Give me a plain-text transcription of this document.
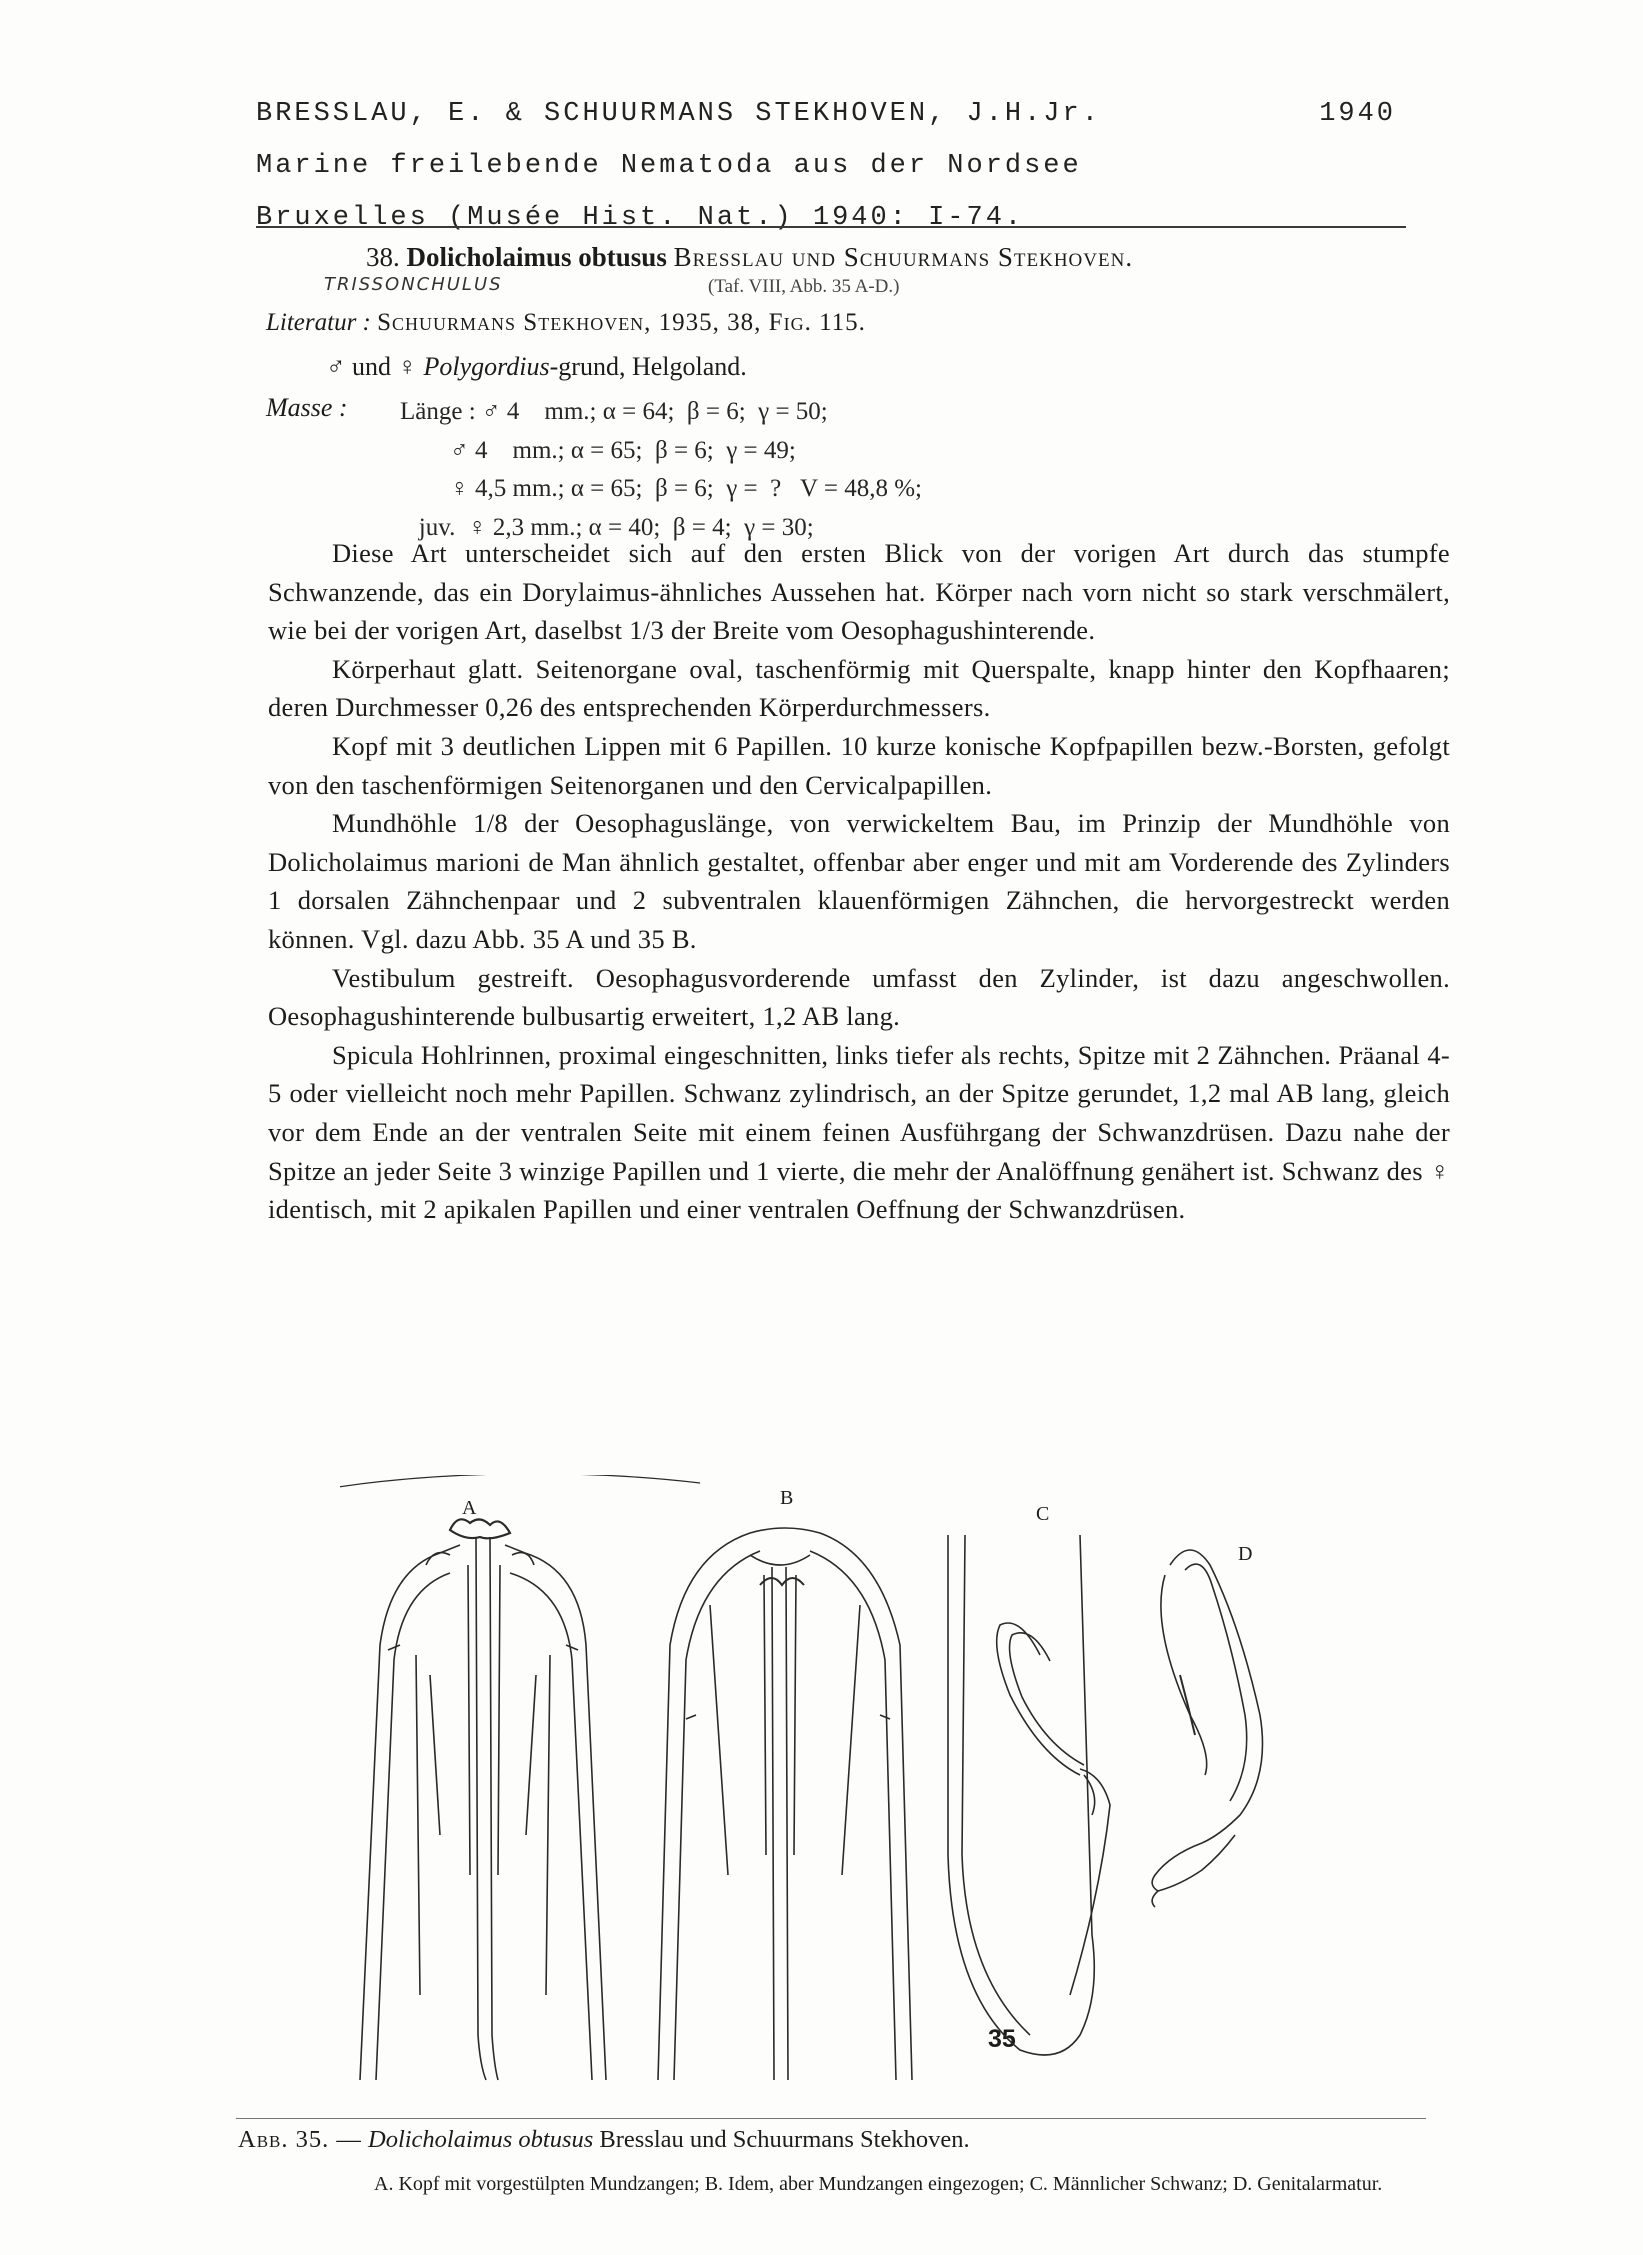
BRESSLAU, E. & SCHUURMANS STEKHOVEN, J.H.Jr.	1940
Marine freilebende Nematoda aus der Nordsee
Bruxelles (Musée Hist. Nat.) 1940: I-74.
38. Dolicholaimus obtusus Bresslau und Schuurmans Stekhoven.
TRISSONCHULUS	(Taf. VIII, Abb. 35 A-D.)
Literatur : Schuurmans Stekhoven, 1935, 38, Fig. 115.
♂ und ♀ Polygordius-grund, Helgoland.
Masse : Länge : ♂ 4    mm.; α = 64;  β = 6;  γ = 50;
♂ 4    mm.; α = 65;  β = 6;  γ = 49;
♀ 4,5 mm.; α = 65;  β = 6;  γ =  ?   V = 48,8 %;
juv.  ♀ 2,3 mm.; α = 40;  β = 4;  γ = 30;

Diese Art unterscheidet sich auf den ersten Blick von der vorigen Art durch das stumpfe Schwanzende, das ein Dorylaimus-ähnliches Aussehen hat. Körper nach vorn nicht so stark verschmälert, wie bei der vorigen Art, daselbst 1/3 der Breite vom Oesophagushinterende.

Körperhaut glatt. Seitenorgane oval, taschenförmig mit Querspalte, knapp hinter den Kopfhaaren; deren Durchmesser 0,26 des entsprechenden Körperdurchmessers.

Kopf mit 3 deutlichen Lippen mit 6 Papillen. 10 kurze konische Kopfpapillen bezw.-Borsten, gefolgt von den taschenförmigen Seitenorganen und den Cervicalpapillen.

Mundhöhle 1/8 der Oesophaguslänge, von verwickeltem Bau, im Prinzip der Mundhöhle von Dolicholaimus marioni de Man ähnlich gestaltet, offenbar aber enger und mit am Vorderende des Zylinders 1 dorsalen Zähnchenpaar und 2 subventralen klauenförmigen Zähnchen, die hervorgestreckt werden können. Vgl. dazu Abb. 35 A und 35 B.

Vestibulum gestreift. Oesophagusvorderende umfasst den Zylinder, ist dazu angeschwollen. Oesophagushinterende bulbusartig erweitert, 1,2 AB lang.

Spicula Hohlrinnen, proximal eingeschnitten, links tiefer als rechts, Spitze mit 2 Zähnchen. Präanal 4-5 oder vielleicht noch mehr Papillen. Schwanz zylindrisch, an der Spitze gerundet, 1,2 mal AB lang, gleich vor dem Ende an der ventralen Seite mit einem feinen Ausführgang der Schwanzdrüsen. Dazu nahe der Spitze an jeder Seite 3 winzige Papillen und 1 vierte, die mehr der Analöffnung genähert ist. Schwanz des ♀ identisch, mit 2 apikalen Papillen und einer ventralen Oeffnung der Schwanzdrüsen.

A	B
C
D
35
Abb. 35. — Dolicholaimus obtusus Bresslau und Schuurmans Stekhoven.
A. Kopf mit vorgestülpten Mundzangen; B. Idem, aber Mundzangen eingezogen; C. Männlicher Schwanz; D. Genitalarmatur.
